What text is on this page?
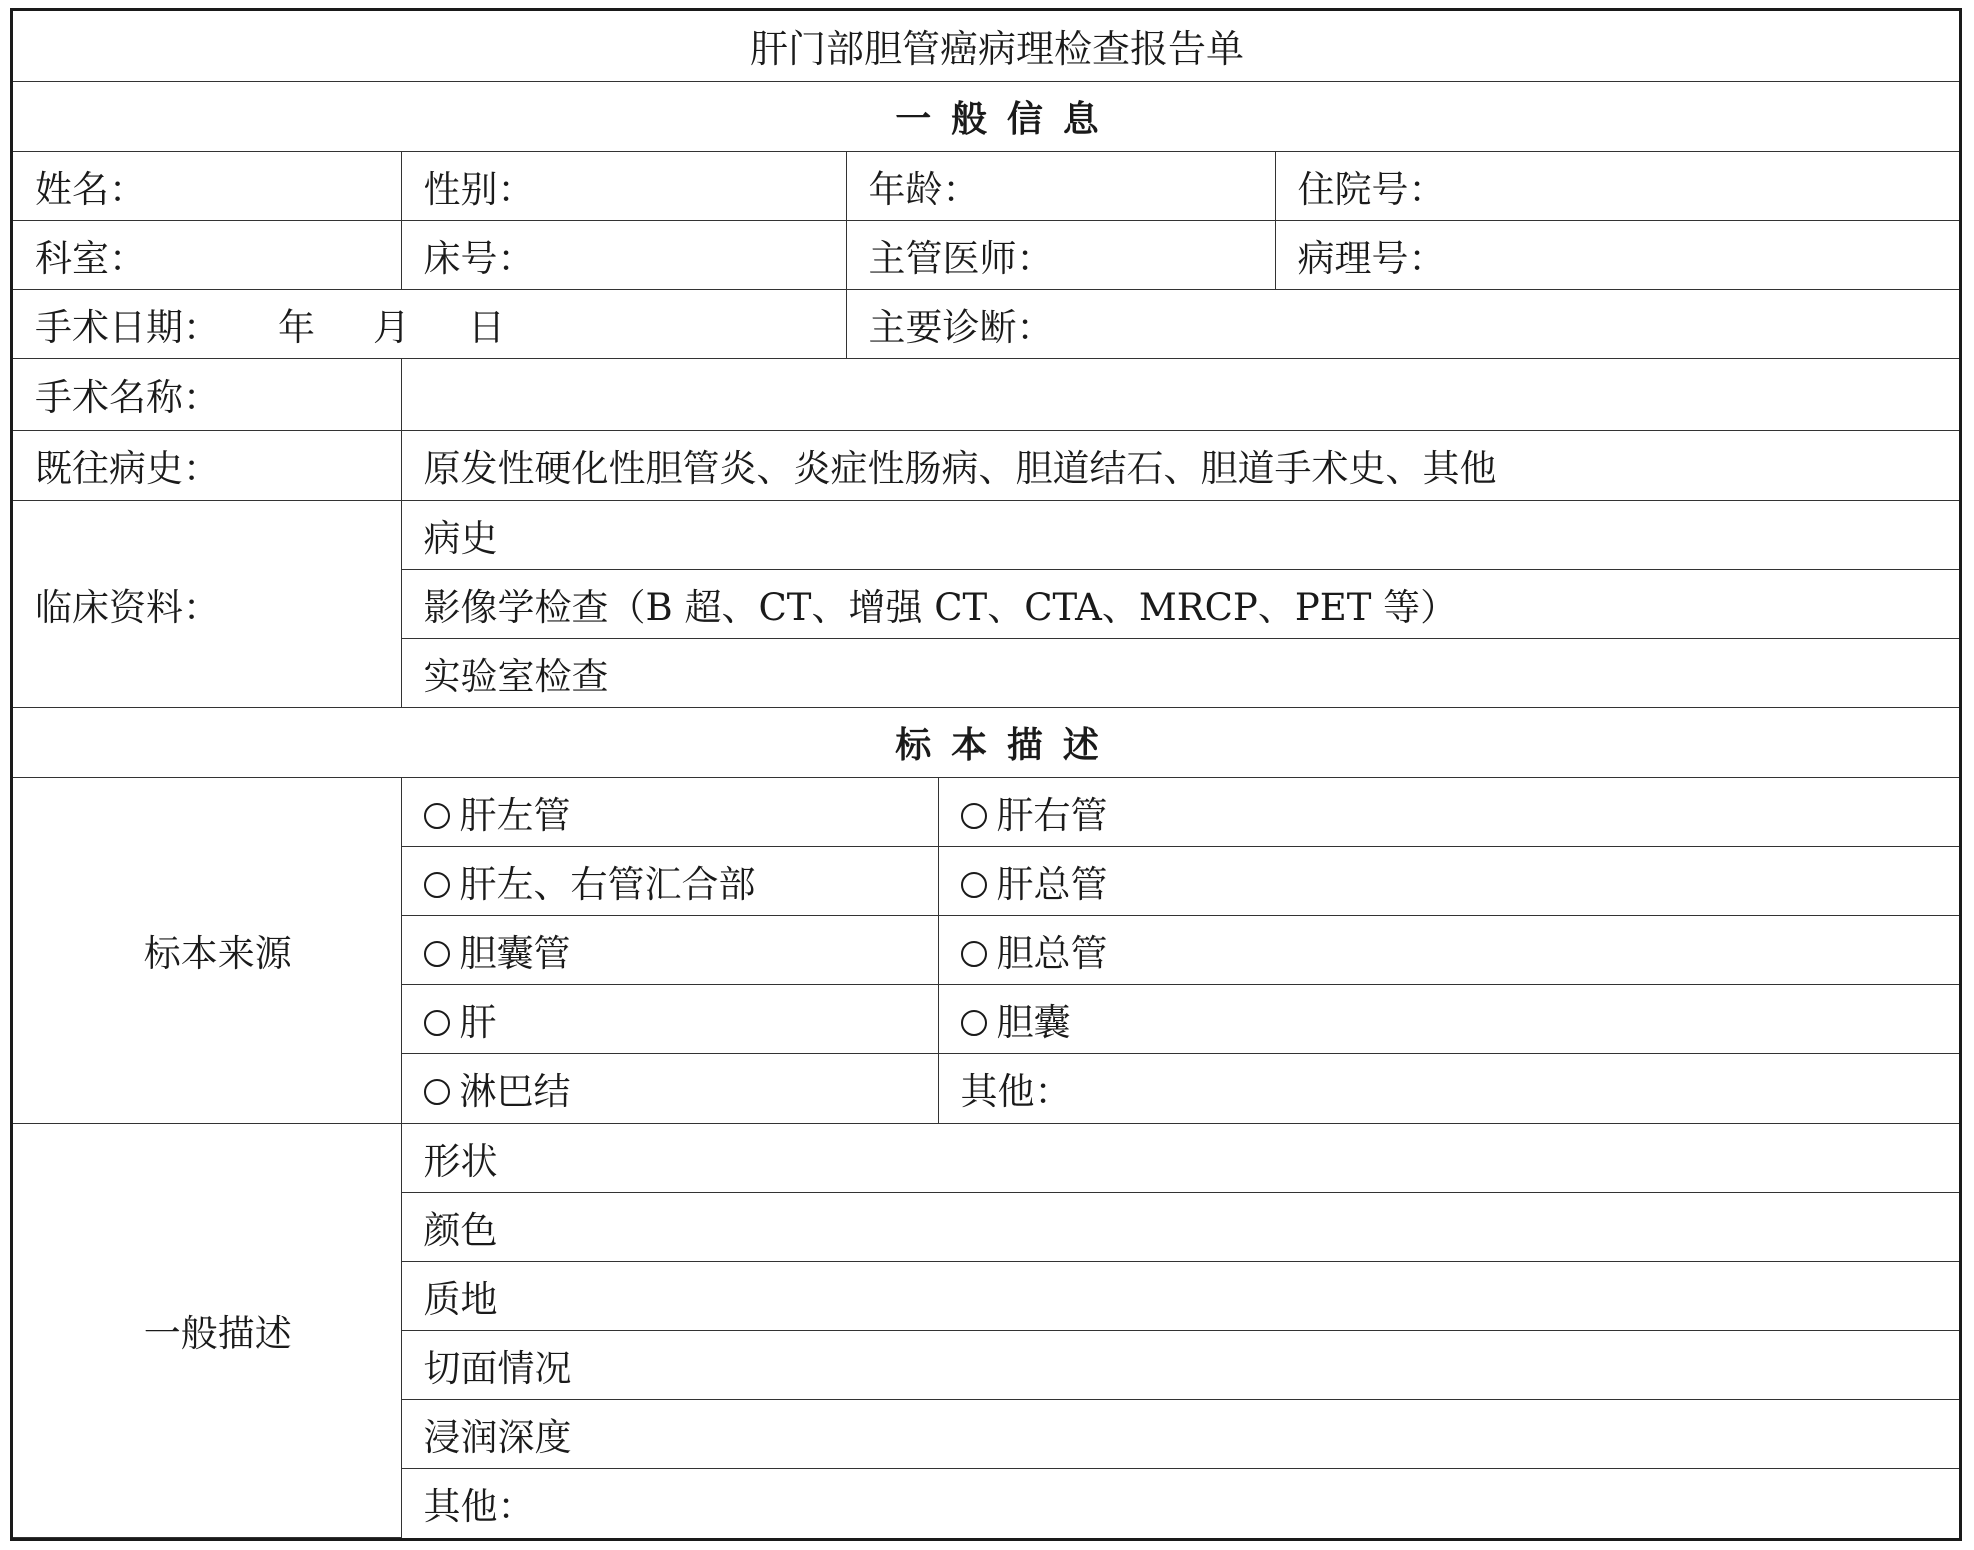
肝门部胆管癌病理检查报告单				
一般信息				
姓名：	性别：	年龄：		住院号：
科室：	床号：	主管医师：		病理号：
手术日期： 年 月 日		主要诊断：		
手术名称：				
既往病史：	原发性硬化性胆管炎、炎症性肠病、胆道结石、胆道手术史、其他			
临床资料：	病史			
	影像学检查（B 超、CT、增强 CT、CTA、MRCP、PET 等）			
	实验室检查			
标本描述				
标本来源	肝左管		肝右管	
	肝左、右管汇合部		肝总管	
	胆囊管		胆总管	
	肝		胆囊	
	淋巴结		其他：	
一般描述	形状			
	颜色			
	质地			
	切面情况			
	浸润深度			
	其他：			
